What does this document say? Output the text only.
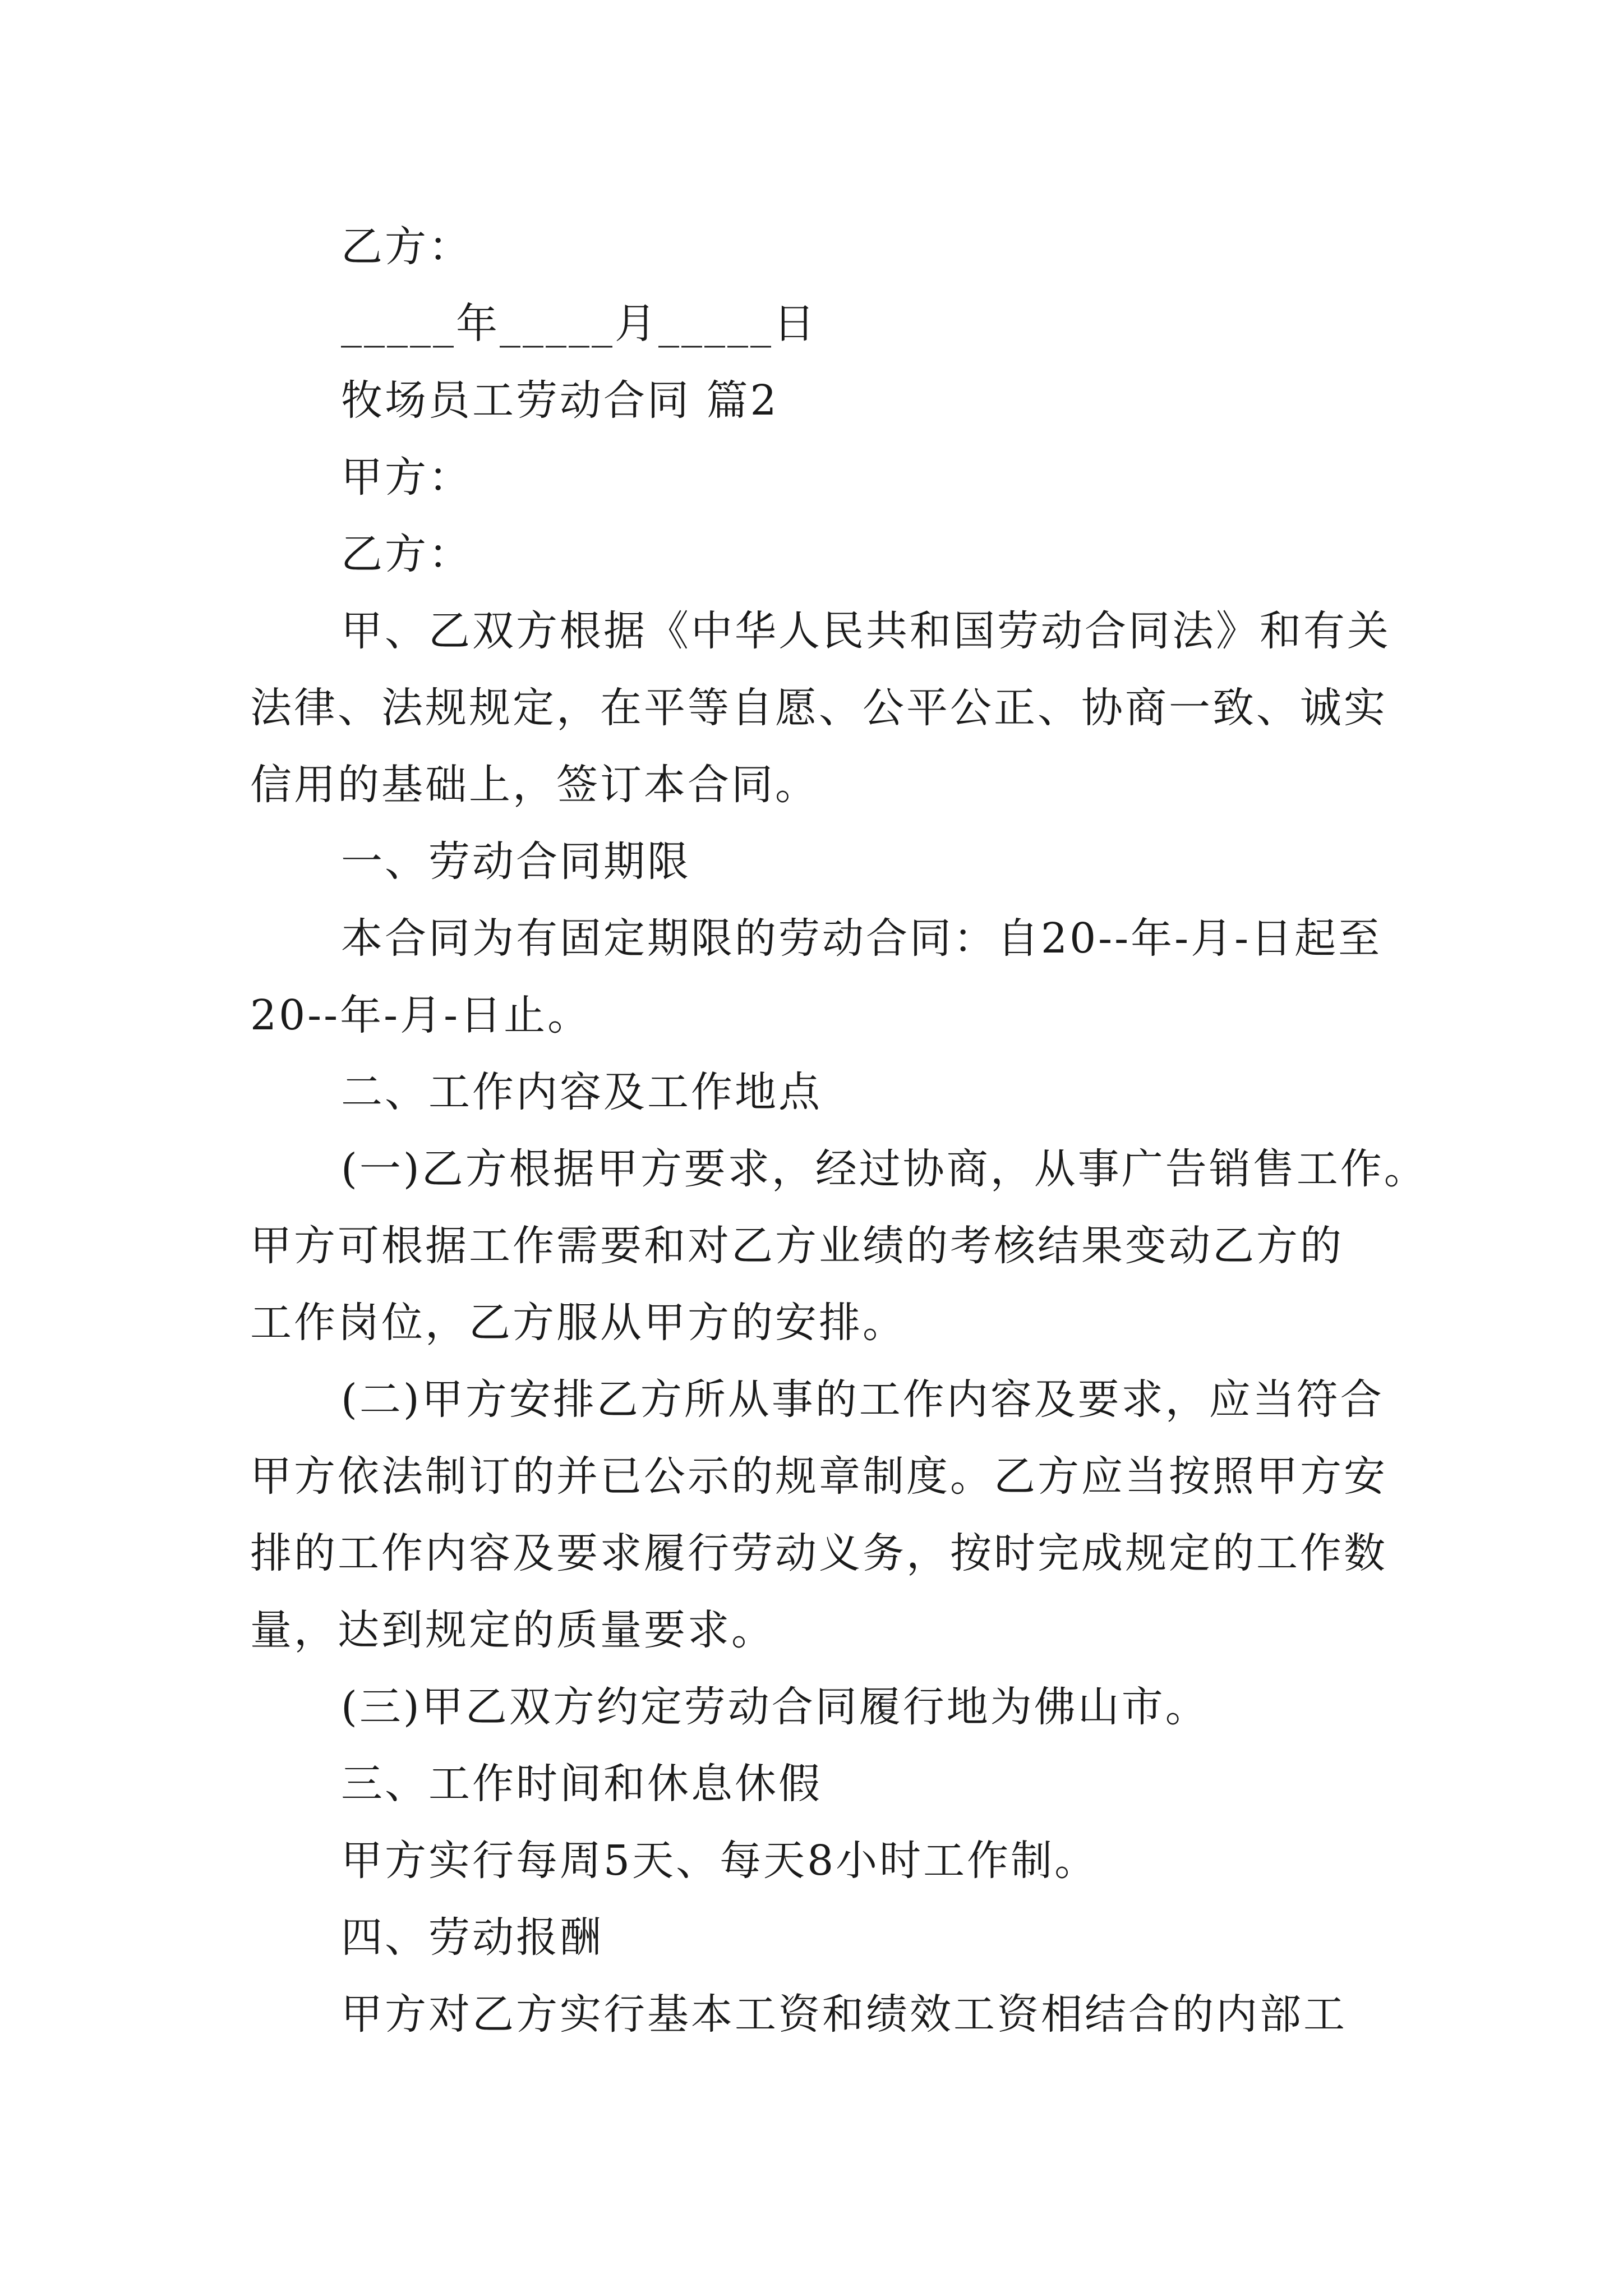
乙方：
_____年_____月_____日
牧场员工劳动合同 篇2
甲方：
乙方：
甲、乙双方根据《中华人民共和国劳动合同法》和有关
法律、法规规定，在平等自愿、公平公正、协商一致、诚实
信用的基础上，签订本合同。
一、劳动合同期限
本合同为有固定期限的劳动合同：自20--年-月-日起至
20--年-月-日止。
二、工作内容及工作地点
(一)乙方根据甲方要求，经过协商，从事广告销售工作。
甲方可根据工作需要和对乙方业绩的考核结果变动乙方的
工作岗位，乙方服从甲方的安排。
(二)甲方安排乙方所从事的工作内容及要求，应当符合
甲方依法制订的并已公示的规章制度。乙方应当按照甲方安
排的工作内容及要求履行劳动义务，按时完成规定的工作数
量，达到规定的质量要求。
(三)甲乙双方约定劳动合同履行地为佛山市。
三、工作时间和休息休假
甲方实行每周5天、每天8小时工作制。
四、劳动报酬
甲方对乙方实行基本工资和绩效工资相结合的内部工
